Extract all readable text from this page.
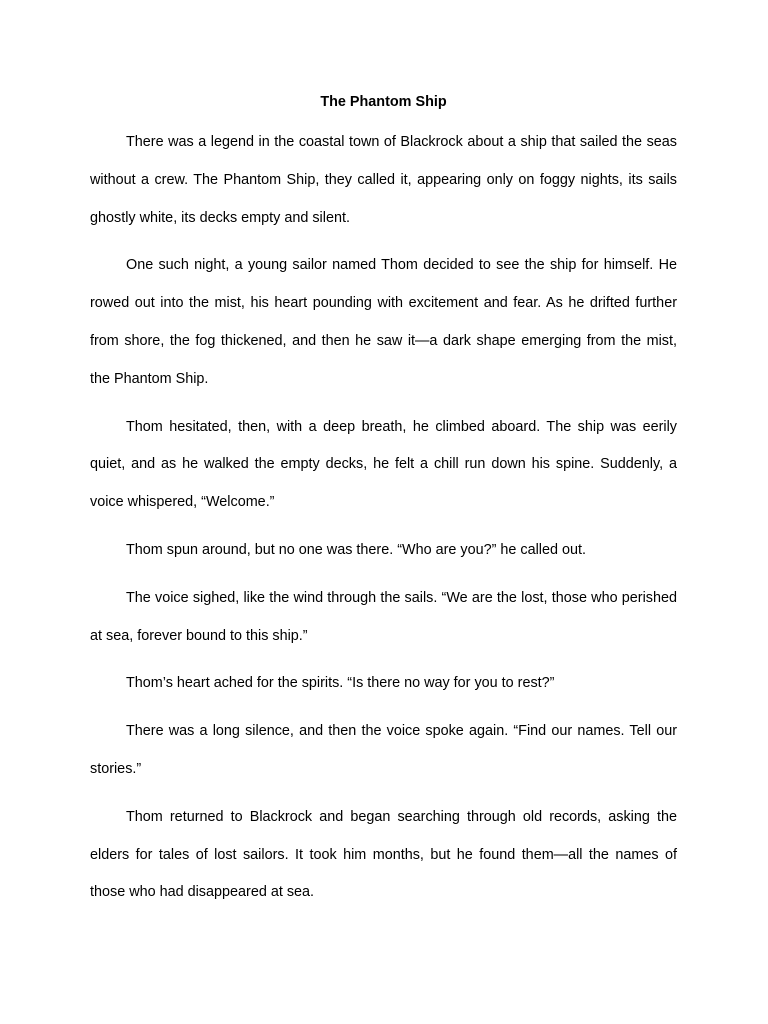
The Phantom Ship

There was a legend in the coastal town of Blackrock about a ship that sailed the seas without a crew. The Phantom Ship, they called it, appearing only on foggy nights, its sails ghostly white, its decks empty and silent.

One such night, a young sailor named Thom decided to see the ship for himself. He rowed out into the mist, his heart pounding with excitement and fear. As he drifted further from shore, the fog thickened, and then he saw it—a dark shape emerging from the mist, the Phantom Ship.

Thom hesitated, then, with a deep breath, he climbed aboard. The ship was eerily quiet, and as he walked the empty decks, he felt a chill run down his spine. Suddenly, a voice whispered, “Welcome.”

Thom spun around, but no one was there. “Who are you?” he called out.

The voice sighed, like the wind through the sails. “We are the lost, those who perished at sea, forever bound to this ship.”

Thom’s heart ached for the spirits. “Is there no way for you to rest?”

There was a long silence, and then the voice spoke again. “Find our names. Tell our stories.”

Thom returned to Blackrock and began searching through old records, asking the elders for tales of lost sailors. It took him months, but he found them—all the names of those who had disappeared at sea.
